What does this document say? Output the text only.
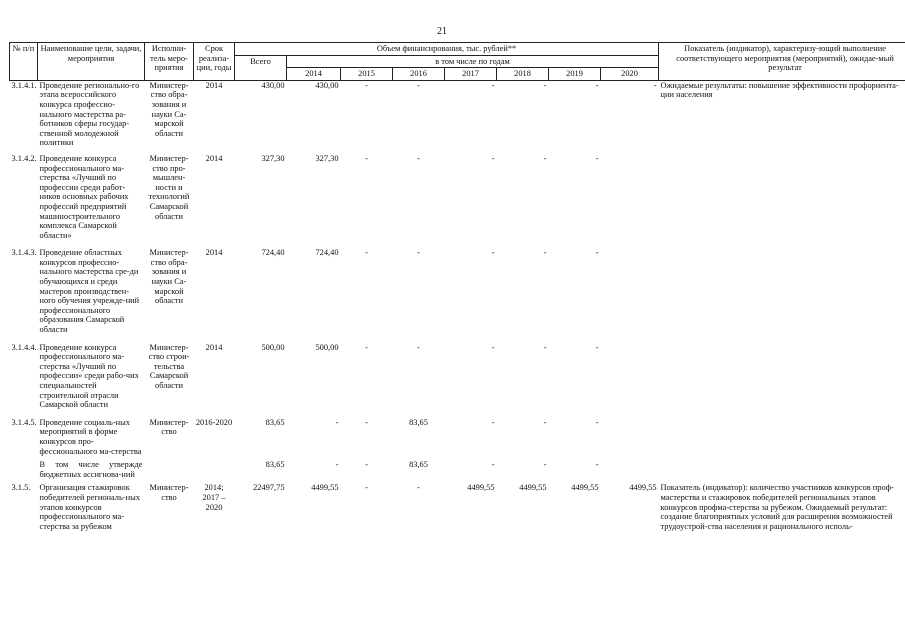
21
№ п/п	Наименование цели, задачи, мероприятия	Исполни-тель меро-приятия	Срок реализа-ции, годы	Объем финансирования, тыс. рублей**								Показатель (индикатор), характеризу-ющий выполнение соответствующего мероприятия (мероприятий), ожидае-мый результат
				Всего	в том числе по годам							
					2014	2015	2016	2017	2018	2019	2020	
3.1.4.1.	Проведение регионально-го этапа всероссийского конкурса профессио-нального мастерства ра-ботников сферы государ-ственной молодежной политики	Министер-ство обра-зования и науки Са-марской области	2014	430,00	430,00	-	-	-	-	-	-	Ожидаемые результаты: повышение эффективности профориента-ции населения

3.1.4.2.	Проведение конкурса профессионального ма-стерства «Лучший по профессии среди работ-ников основных рабочих профессий предприятий машиностроительного комплекса Самарской области»	Министер-ство про-мышлен-ности и технологий Самарской области	2014	327,30	327,30	-	-	-	-	-		

3.1.4.3.	Проведение областных конкурсов профессио-нального мастерства сре-ди обучающихся и среди мастеров производствен-ного обучения учрежде-ний профессионального образования Самарской области	Министер-ство обра-зования и науки Са-марской области	2014	724,40	724,40	-	-	-	-	-		

3.1.4.4.	Проведение конкурса профессионального ма-стерства «Лучший по профессии» среди рабо-чих специальностей строительной отрасли Самарской области	Министер-ство строи-тельства Самарской области	2014	500,00	500,00	-	-	-	-	-		

3.1.4.5.	Проведение социаль-ных мероприятий в форме конкурсов про-фессионального ма-стерства	Министер-ство	2016-2020	83,65	-	-	83,65	-	-	-		

	В том числе утвержде бюджетных ассигнова-ний			83,65	-	-	83,65	-	-	-		

3.1.5.	Организация стажировок победителей региональ-ных этапов конкурсов профессионального ма-стерства за рубежом	Министер-ство	2014; 2017 – 2020	22497,75	4499,55	-	-	4499,55	4499,55	4499,55	4499,55	Показатель (индикатор): количество участников конкурсов проф-мастерства и стажировок победителей региональных этапов конкурсов профма-стерства за рубежом. Ожидаемый результат: создание благоприятных условий для расширения возможностей трудоустрой-ства населения и рационального исполь-
